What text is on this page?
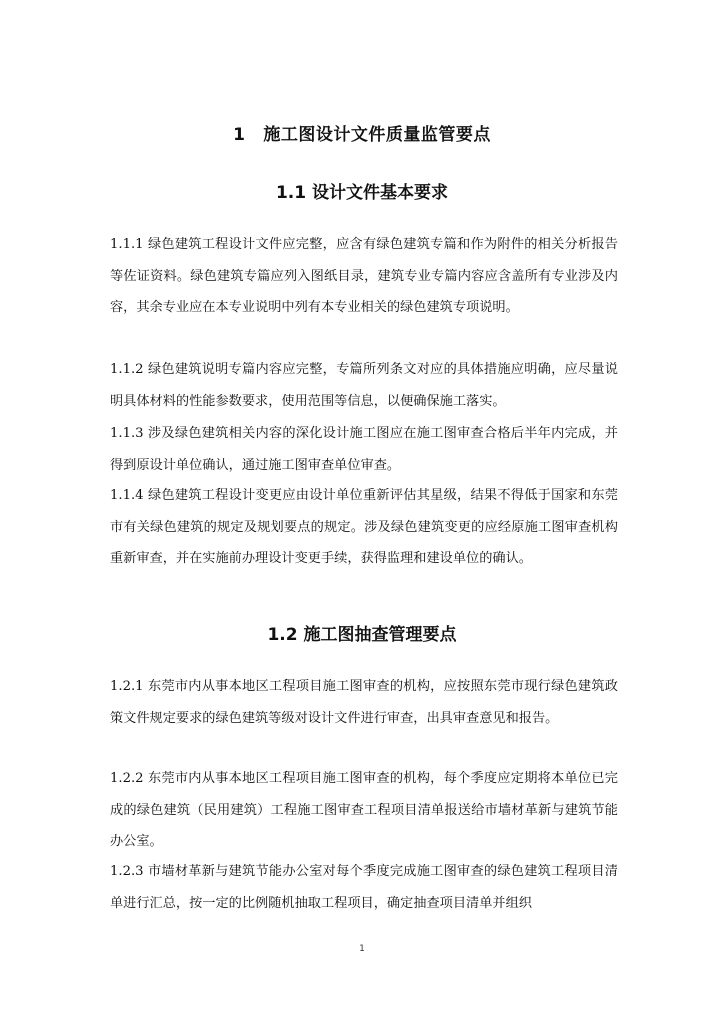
1 施工图设计文件质量监管要点
1.1 设计文件基本要求
1.1.1 绿色建筑工程设计文件应完整，应含有绿色建筑专篇和作为附件的相关分析报告等佐证资料。绿色建筑专篇应列入图纸目录，建筑专业专篇内容应含盖所有专业涉及内容，其余专业应在本专业说明中列有本专业相关的绿色建筑专项说明。
1.1.2 绿色建筑说明专篇内容应完整，专篇所列条文对应的具体措施应明确，应尽量说明具体材料的性能参数要求，使用范围等信息，以便确保施工落实。
1.1.3 涉及绿色建筑相关内容的深化设计施工图应在施工图审查合格后半年内完成，并得到原设计单位确认，通过施工图审查单位审查。
1.1.4 绿色建筑工程设计变更应由设计单位重新评估其星级，结果不得低于国家和东莞市有关绿色建筑的规定及规划要点的规定。涉及绿色建筑变更的应经原施工图审查机构重新审查，并在实施前办理设计变更手续，获得监理和建设单位的确认。
1.2 施工图抽查管理要点
1.2.1 东莞市内从事本地区工程项目施工图审查的机构，应按照东莞市现行绿色建筑政策文件规定要求的绿色建筑等级对设计文件进行审查，出具审查意见和报告。
1.2.2 东莞市内从事本地区工程项目施工图审查的机构，每个季度应定期将本单位已完成的绿色建筑（民用建筑）工程施工图审查工程项目清单报送给市墙材革新与建筑节能办公室。
1.2.3 市墙材革新与建筑节能办公室对每个季度完成施工图审查的绿色建筑工程项目清单进行汇总，按一定的比例随机抽取工程项目，确定抽查项目清单并组织
1
